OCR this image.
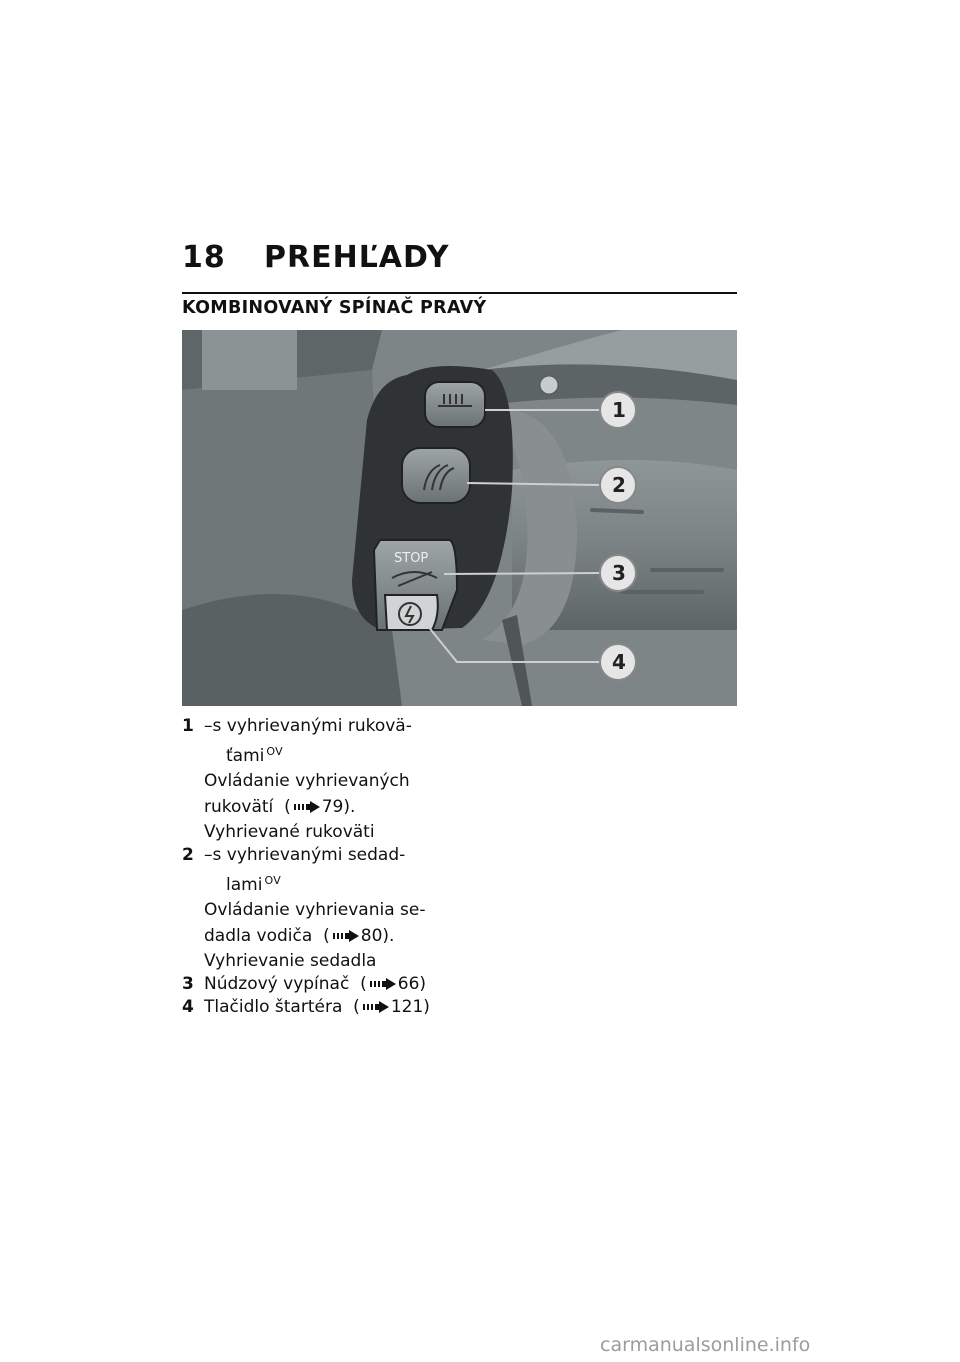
18 PREHĽADY
KOMBINOVANÝ SPÍNAČ PRAVÝ
STOP
1
2
3
4
1 –s vyhrievanými rukovä-
ťami $^{OV}$
Ovládanie vyhrievaných
rukovätí  ( 79).
Vyhrievané rukoväti
2 –s vyhrievanými sedad-
lami $^{OV}$
Ovládanie vyhrievania se-
dadla vodiča  ( 80).
Vyhrievanie sedadla
3 Núdzový vypínač  ( 66)
4 Tlačidlo štartéra  ( 121)
carmanualsonline.info
